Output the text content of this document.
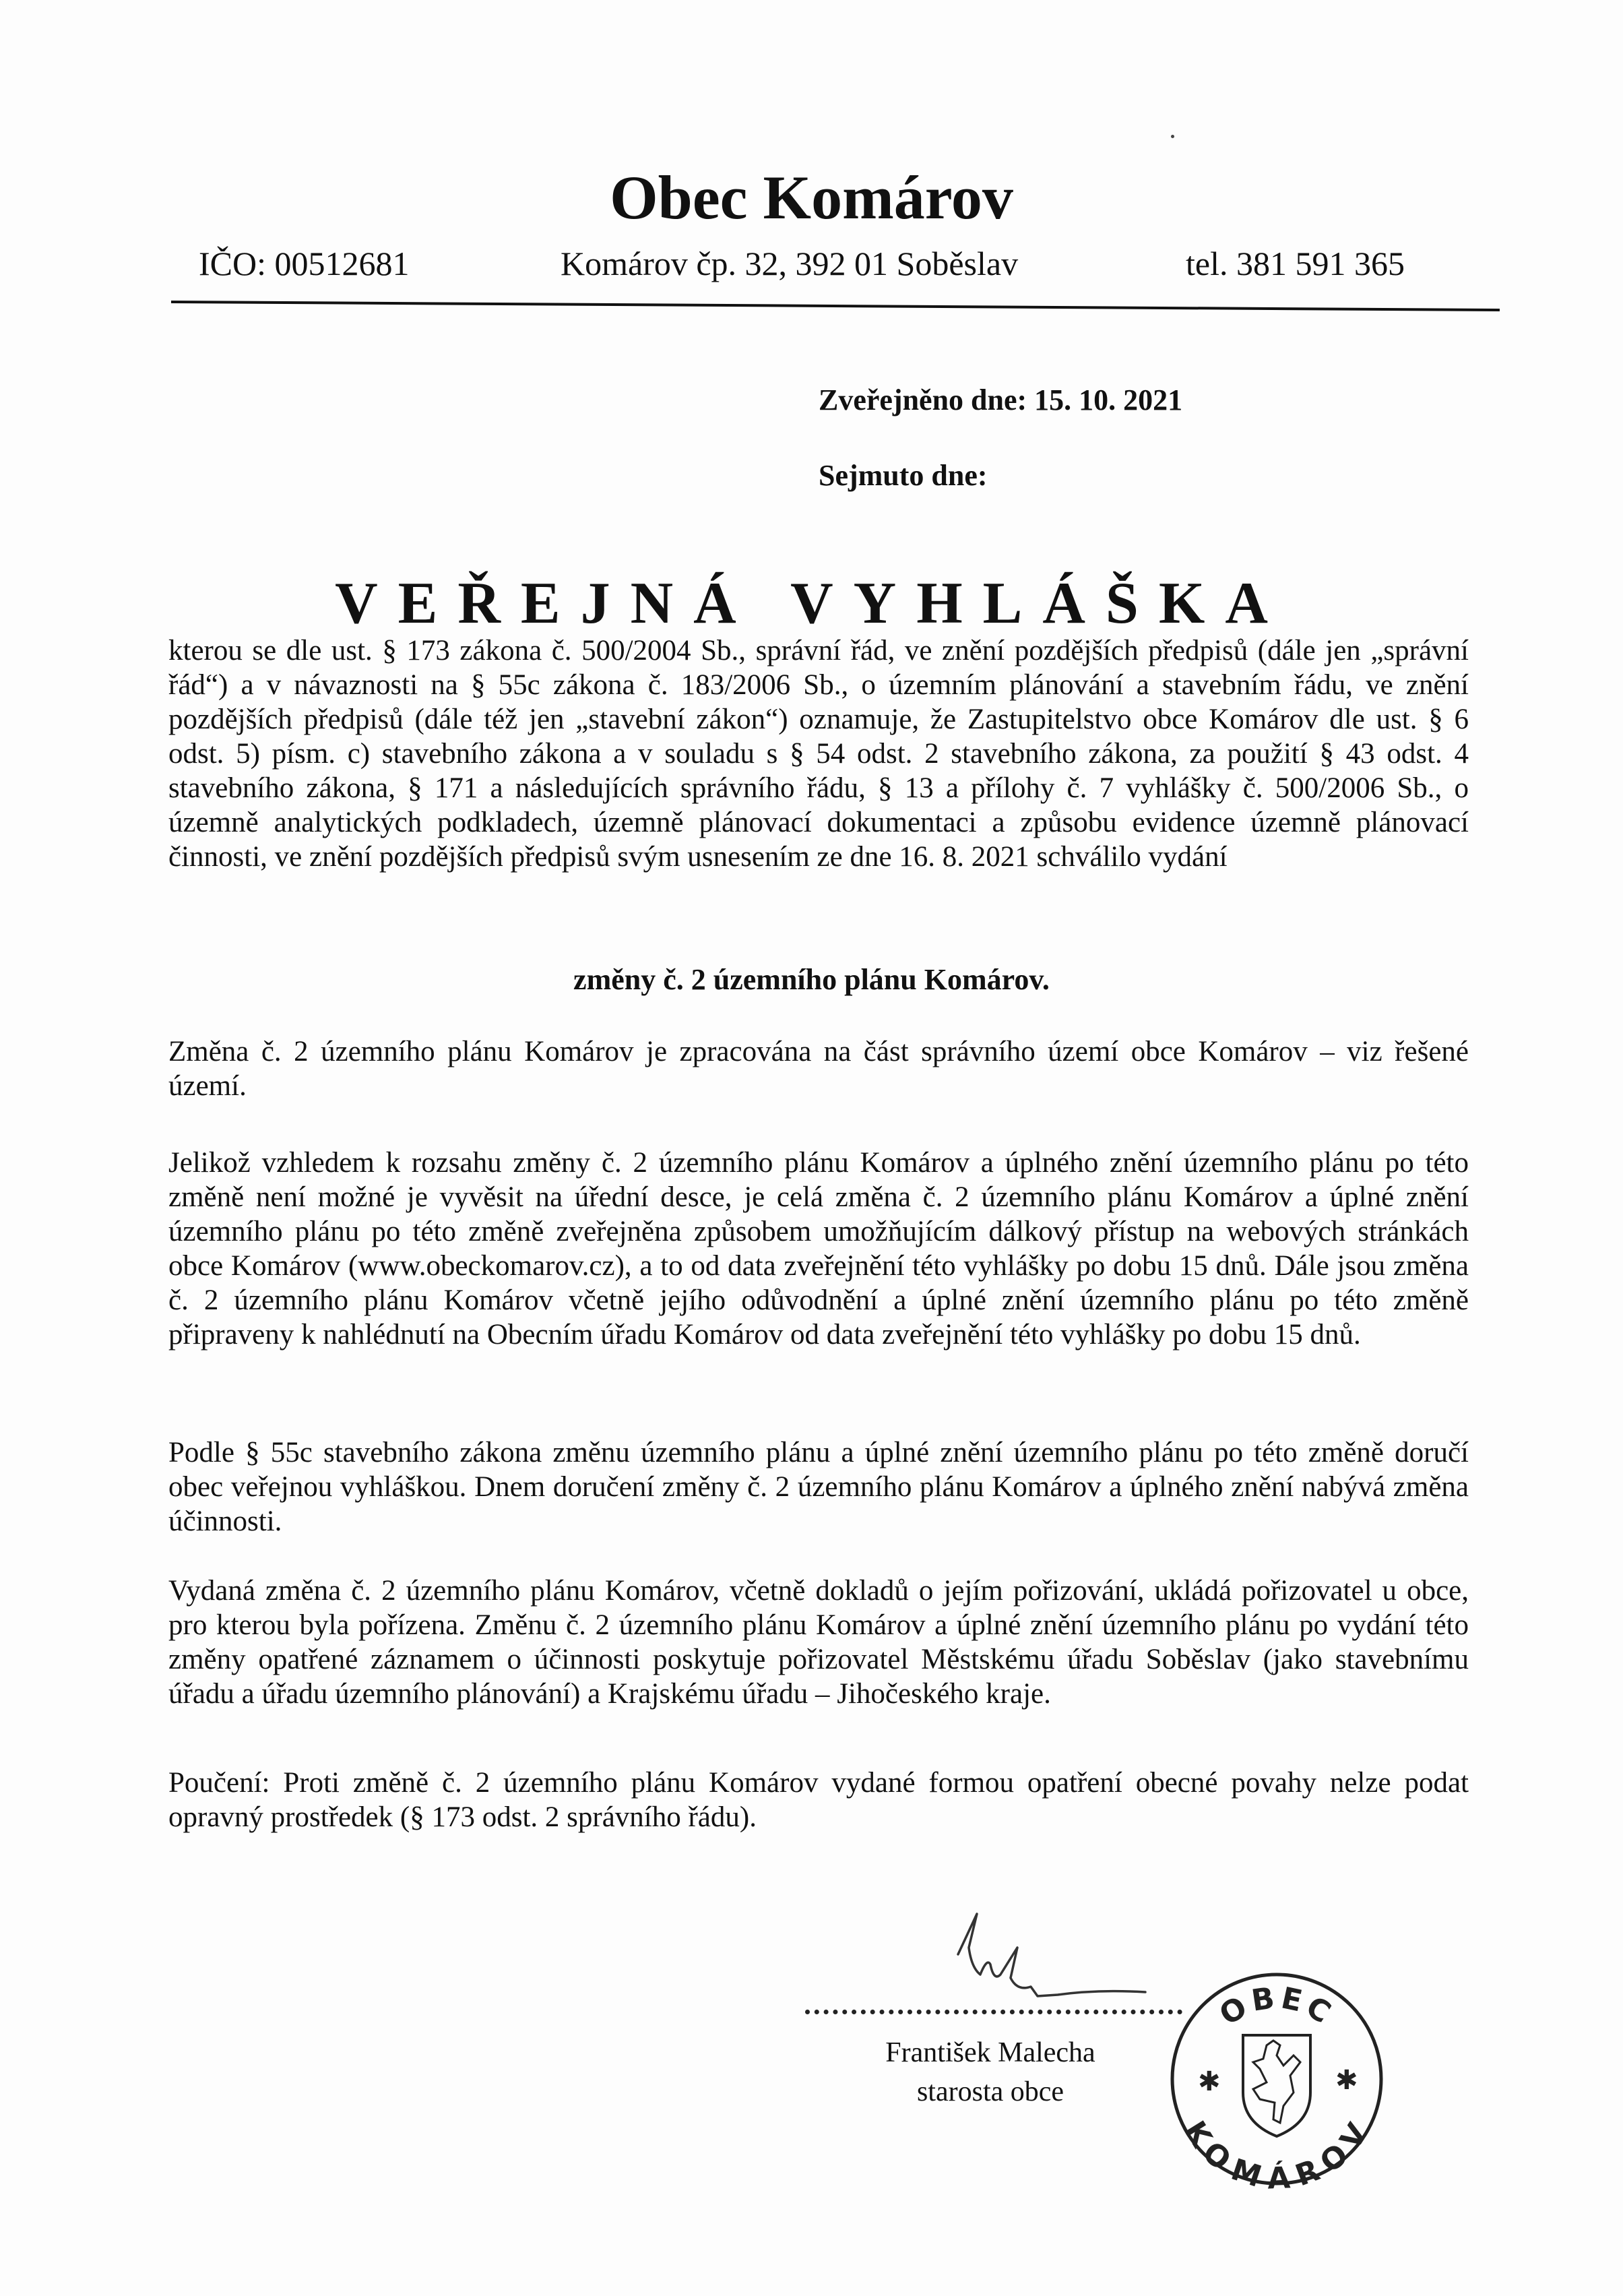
Obec Komárov
IČO: 00512681	Komárov čp. 32, 392 01 Soběslav	tel. 381 591 365
Zveřejněno dne: 15. 10. 2021
Sejmuto dne:
VEŘEJNÁ VYHLÁŠKA
kterou se dle ust. § 173 zákona č. 500/2004 Sb., správní řád, ve znění pozdějších předpisů (dále jen „správní řád“) a v návaznosti na § 55c zákona č. 183/2006 Sb., o územním plánování a stavebním řádu, ve znění pozdějších předpisů (dále též jen „stavební zákon“) oznamuje, že Zastupitelstvo obce Komárov dle ust. § 6 odst. 5) písm. c) stavebního zákona a v souladu s § 54 odst. 2 stavebního zákona, za použití § 43 odst. 4 stavebního zákona, § 171 a následujících správního řádu, § 13 a přílohy č. 7 vyhlášky č. 500/2006 Sb., o územně analytických podkladech, územně plánovací dokumentaci a způsobu evidence územně plánovací činnosti, ve znění pozdějších předpisů svým usnesením ze dne 16. 8. 2021 schválilo vydání
změny č. 2 územního plánu Komárov.
Změna č. 2 územního plánu Komárov je zpracována na část správního území obce Komárov – viz řešené území.
Jelikož vzhledem k rozsahu změny č. 2 územního plánu Komárov a úplného znění územního plánu po této změně není možné je vyvěsit na úřední desce, je celá změna č. 2 územního plánu Komárov a úplné znění územního plánu po této změně zveřejněna způsobem umožňujícím dálkový přístup na webových stránkách obce Komárov (www.obeckomarov.cz), a to od data zveřejnění této vyhlášky po dobu 15 dnů. Dále jsou změna č. 2 územního plánu Komárov včetně jejího odůvodnění a úplné znění územního plánu po této změně připraveny k nahlédnutí na Obecním úřadu Komárov od data zveřejnění této vyhlášky po dobu 15 dnů.
Podle § 55c stavebního zákona změnu územního plánu a úplné znění územního plánu po této změně doručí obec veřejnou vyhláškou. Dnem doručení změny č. 2 územního plánu Komárov a úplného znění nabývá změna účinnosti.
Vydaná změna č. 2 územního plánu Komárov, včetně dokladů o jejím pořizování, ukládá pořizovatel u obce, pro kterou byla pořízena. Změnu č. 2 územního plánu Komárov a úplné znění územního plánu po vydání této změny opatřené záznamem o účinnosti poskytuje pořizovatel Městskému úřadu Soběslav (jako stavebnímu úřadu a úřadu územního plánování) a Krajskému úřadu – Jihočeského kraje.
Poučení: Proti změně č. 2 územního plánu Komárov vydané formou opatření obecné povahy nelze podat opravný prostředek (§ 173 odst. 2 správního řádu).
František Malecha
starosta obce
OBEC
KOMÁROV
✱	✱
